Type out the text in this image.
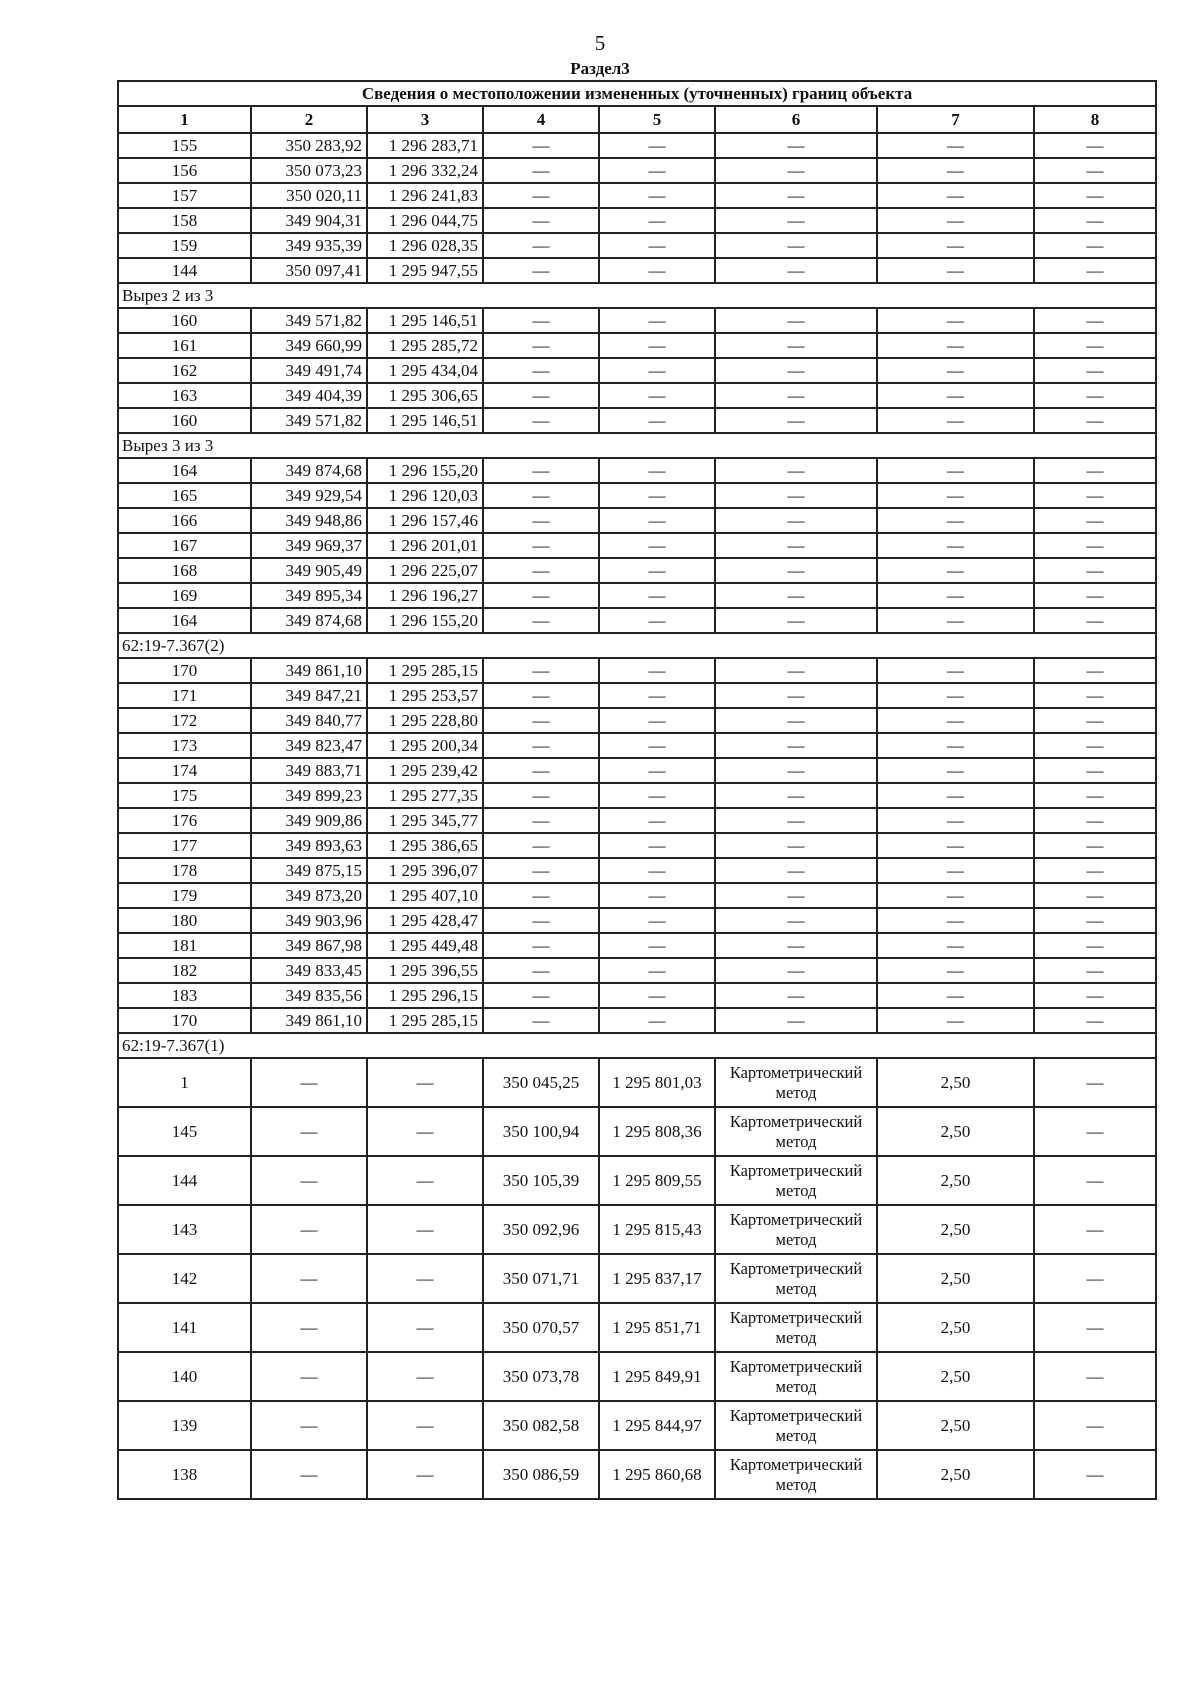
5
Раздел3
Сведения о местоположении измененных (уточненных) границ объекта							
1	2	3	4	5	6	7	8
155	350 283,92	1 296 283,71	—	—	—	—	—
156	350 073,23	1 296 332,24	—	—	—	—	—
157	350 020,11	1 296 241,83	—	—	—	—	—
158	349 904,31	1 296 044,75	—	—	—	—	—
159	349 935,39	1 296 028,35	—	—	—	—	—
144	350 097,41	1 295 947,55	—	—	—	—	—
Вырез 2 из 3							
160	349 571,82	1 295 146,51	—	—	—	—	—
161	349 660,99	1 295 285,72	—	—	—	—	—
162	349 491,74	1 295 434,04	—	—	—	—	—
163	349 404,39	1 295 306,65	—	—	—	—	—
160	349 571,82	1 295 146,51	—	—	—	—	—
Вырез 3 из 3							
164	349 874,68	1 296 155,20	—	—	—	—	—
165	349 929,54	1 296 120,03	—	—	—	—	—
166	349 948,86	1 296 157,46	—	—	—	—	—
167	349 969,37	1 296 201,01	—	—	—	—	—
168	349 905,49	1 296 225,07	—	—	—	—	—
169	349 895,34	1 296 196,27	—	—	—	—	—
164	349 874,68	1 296 155,20	—	—	—	—	—
62:19-7.367(2)							
170	349 861,10	1 295 285,15	—	—	—	—	—
171	349 847,21	1 295 253,57	—	—	—	—	—
172	349 840,77	1 295 228,80	—	—	—	—	—
173	349 823,47	1 295 200,34	—	—	—	—	—
174	349 883,71	1 295 239,42	—	—	—	—	—
175	349 899,23	1 295 277,35	—	—	—	—	—
176	349 909,86	1 295 345,77	—	—	—	—	—
177	349 893,63	1 295 386,65	—	—	—	—	—
178	349 875,15	1 295 396,07	—	—	—	—	—
179	349 873,20	1 295 407,10	—	—	—	—	—
180	349 903,96	1 295 428,47	—	—	—	—	—
181	349 867,98	1 295 449,48	—	—	—	—	—
182	349 833,45	1 295 396,55	—	—	—	—	—
183	349 835,56	1 295 296,15	—	—	—	—	—
170	349 861,10	1 295 285,15	—	—	—	—	—
62:19-7.367(1)							
1	—	—	350 045,25	1 295 801,03	Картометрический метод	2,50	—
145	—	—	350 100,94	1 295 808,36	Картометрический метод	2,50	—
144	—	—	350 105,39	1 295 809,55	Картометрический метод	2,50	—
143	—	—	350 092,96	1 295 815,43	Картометрический метод	2,50	—
142	—	—	350 071,71	1 295 837,17	Картометрический метод	2,50	—
141	—	—	350 070,57	1 295 851,71	Картометрический метод	2,50	—
140	—	—	350 073,78	1 295 849,91	Картометрический метод	2,50	—
139	—	—	350 082,58	1 295 844,97	Картометрический метод	2,50	—
138	—	—	350 086,59	1 295 860,68	Картометрический метод	2,50	—
